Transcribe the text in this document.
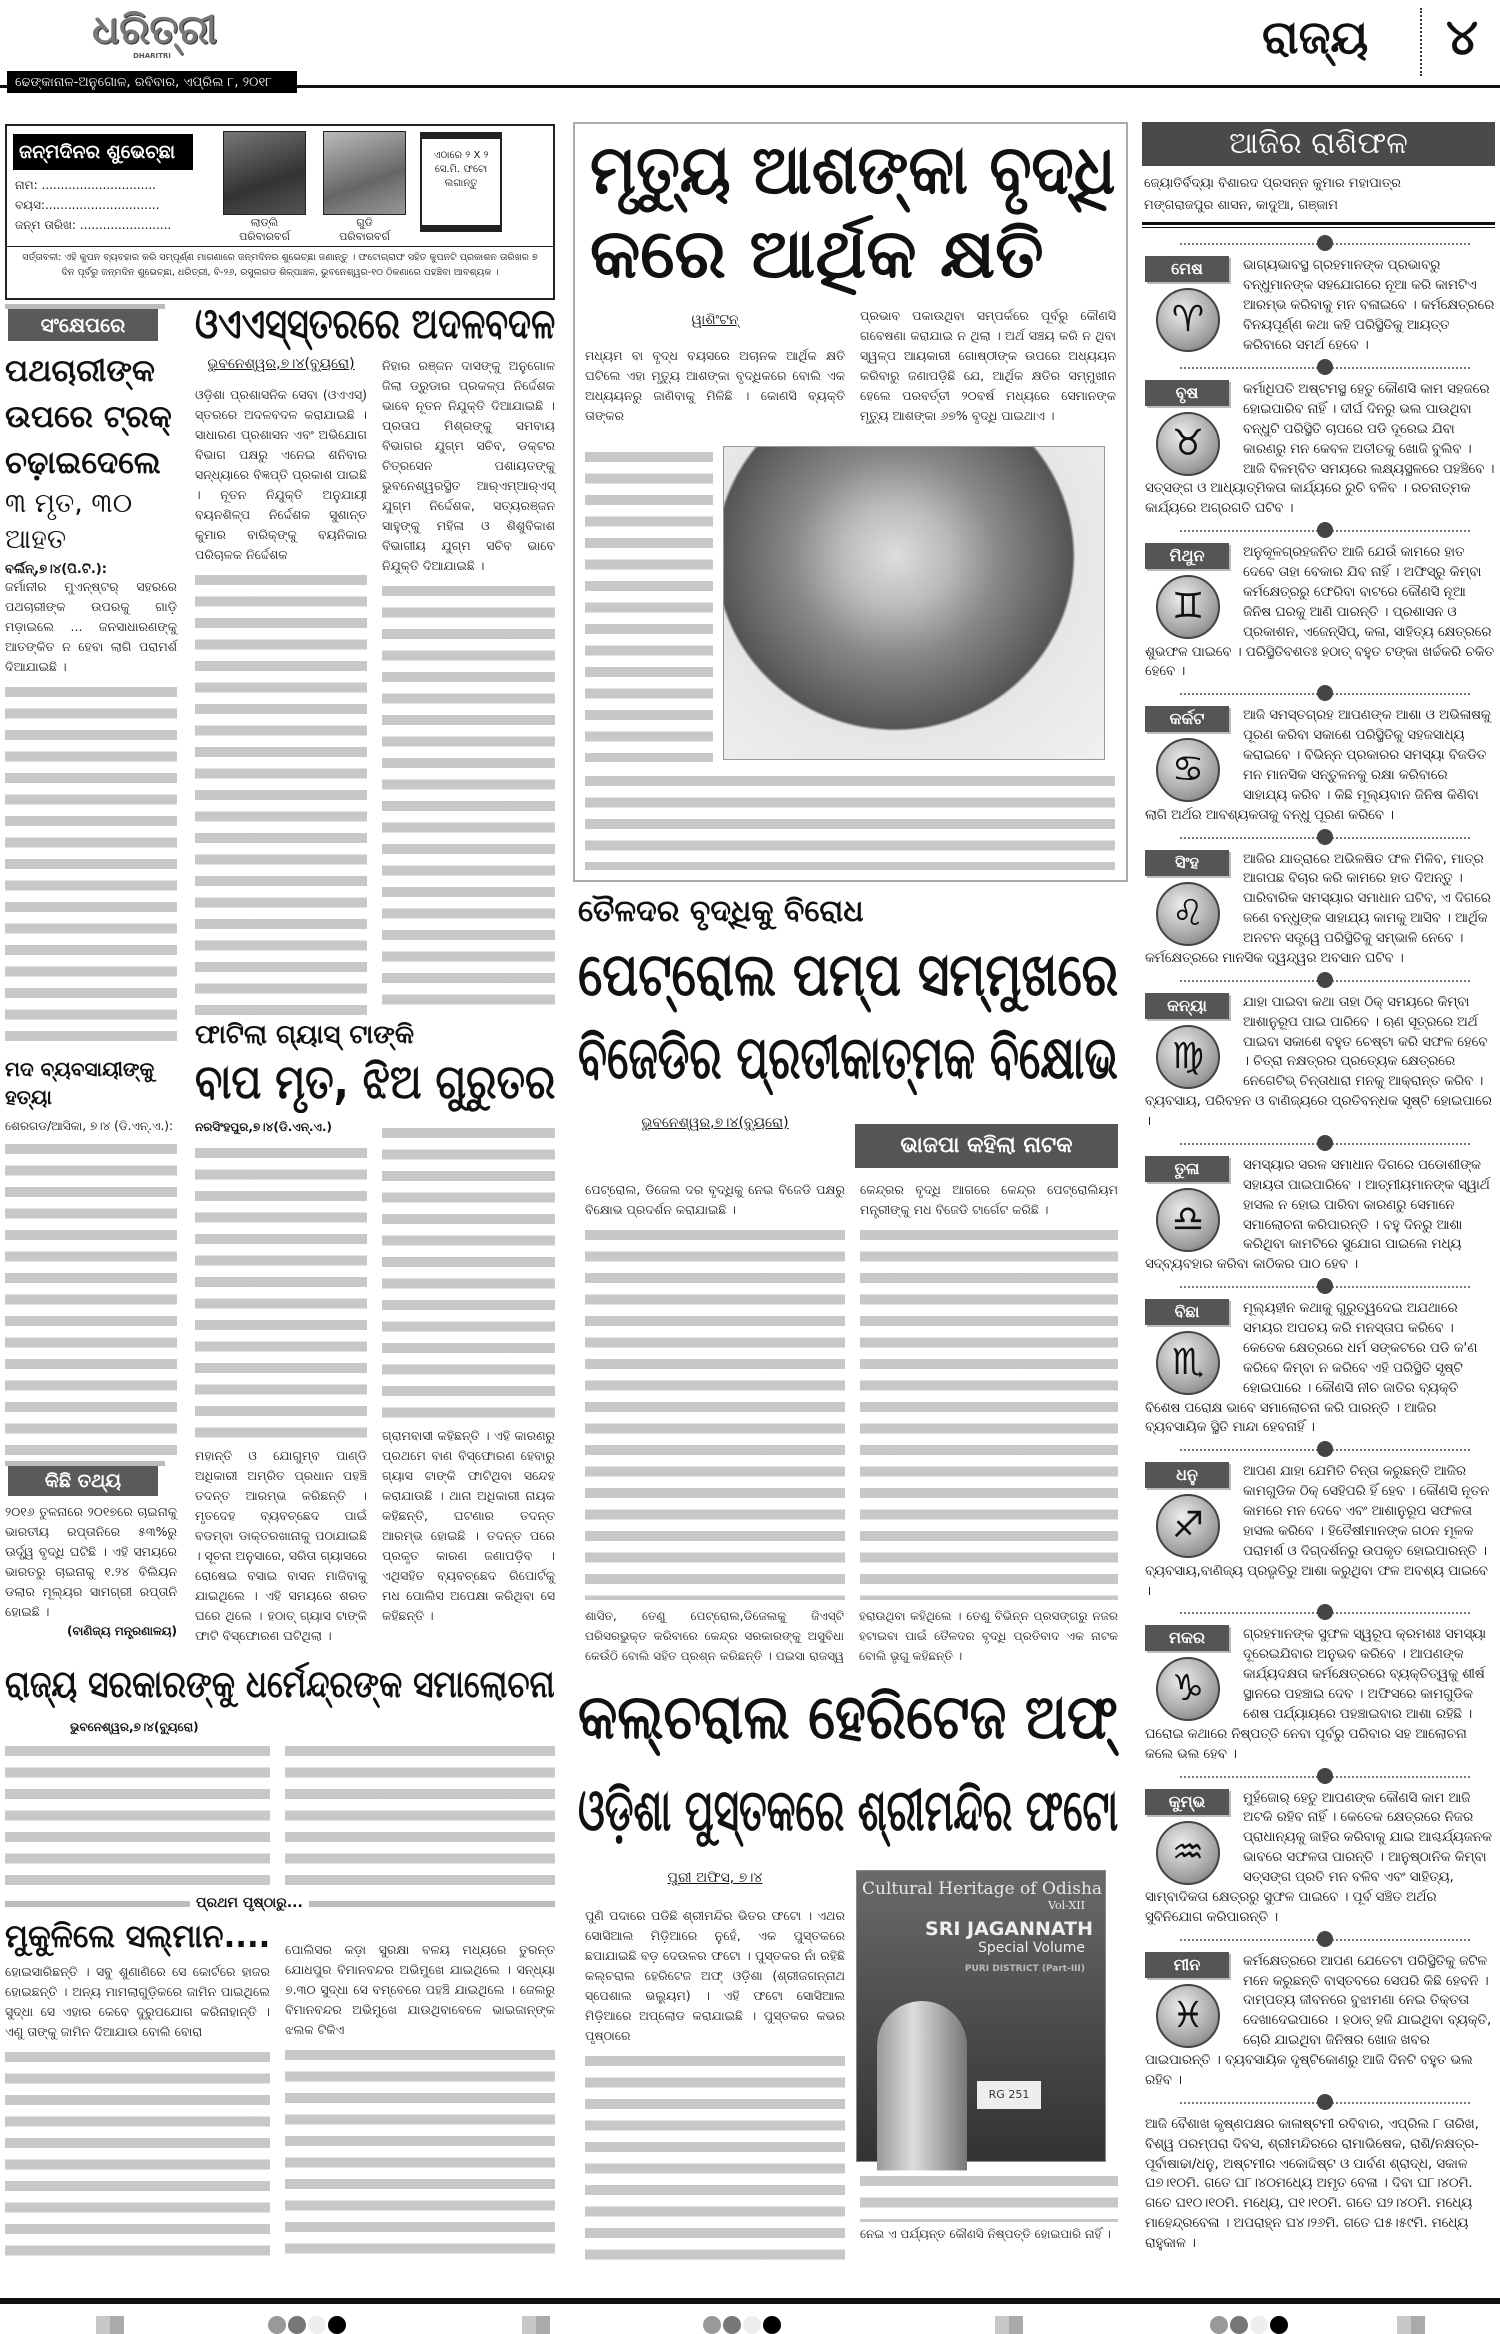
ଧରିତ୍ରୀ
DHARITRI
ଢେଙ୍କାନାଳ-ଅନୁଗୋଳ, ରବିବାର, ଏପ୍ରିଲ ୮, ୨୦୧୮
ରାଜ୍ୟ ୪
ଜନ୍ମଦିନର ଶୁଭେଚ୍ଛା
ନାମ: ..............................
ବୟସ:..............................
ଜନ୍ମ ତାରିଖ: ........................	ଲାଡ୍‌ଲି
ପରିବାରବର୍ଗ
ଗୁଡି
ପରିବାରବର୍ଗ
ଏଠାରେ ୨ X ୨ ସେ.ମି. ଫଟୋ ଲଗାନ୍ତୁ
ସର୍ତ୍ତାବଳୀ: ଏହି କୁପନ ବ୍ୟବହାର କରି ସମ୍ପୂର୍ଣ୍ଣ ମାଗଣାରେ ଜନ୍ମଦିନର ଶୁଭେଚ୍ଛା ଜଣାନ୍ତୁ । ଫଟୋଗ୍ରାଫ ସହିତ କୁପନଟି ପ୍ରକାଶନ ତାରିଖର ୭ ଦିନ ପୂର୍ବରୁ ଜନ୍ମଦିନ ଶୁଭେଚ୍ଛା, ଧରିତ୍ରୀ, ବି-୨୬, ରସୁଲଗଡ ଶିଳ୍ପାଞ୍ଚଳ, ଭୁବନେଶ୍ୱର-୧୦ ଠିକଣାରେ ପହଞ୍ଚିବା ଆବଶ୍ୟକ ।
ସଂକ୍ଷେପରେ
ପଥଚାରୀଙ୍କ ଉପରେ ଟ୍ରକ୍ ଚଢ଼ାଇଦେଲେ
୩ ମୃତ, ୩୦ ଆହତ
ବର୍ଲିନ୍,୭।୪(ପି.ଟି.):
ଜର୍ମାନୀର ମୁଏନ୍‌ଷ୍ଟର୍ ସହରରେ ପଥଚାରୀଙ୍କ ଉପରକୁ ଗାଡ଼ି ମଡ଼ାଇଲେ ... ଜନସାଧାରଣଙ୍କୁ ଆତଙ୍କିତ ନ ହେବା ଲାଗି ପରାମର୍ଶ ଦିଆଯାଇଛି ।
ମଦ ବ୍ୟବସାୟୀଙ୍କୁ ହତ୍ୟା
ଶେରଗଡ/ଆସିକା, ୭।୪ (ଡି.ଏନ୍.ଏ.):
କିଛି ତଥ୍ୟ
୨୦୧୬ ତୁଳନାରେ ୨୦୧୭ରେ ଚାଇନାକୁ ଭାରତୀୟ ରପ୍ତାନିରେ ୫୩%ରୁ ଊର୍ଦ୍ଧ୍ୱ ବୃଦ୍ଧି ଘଟିଛି । ଏହି ସମୟରେ ଭାରତରୁ ଚାଇନାକୁ ୧.୨୪ ବିଲିୟନ ଡଲାର ମୂଲ୍ୟର ସାମଗ୍ରୀ ରପ୍ତାନି ହୋଇଛି ।
(ବାଣିଜ୍ୟ ମନ୍ତ୍ରଣାଳୟ)
ଓଏଏସ୍‌ସ୍ତରରେ ଅଦଳବଦଳ
ଭୁବନେଶ୍ୱର,୭।୪(ବ୍ୟୁରୋ)
ଓଡ଼ିଶା ପ୍ରଶାସନିକ ସେବା (ଓଏଏସ୍) ସ୍ତରରେ ଅଦଳବଦଳ କରାଯାଇଛି । ସାଧାରଣ ପ୍ରଶାସନ ଏବଂ ଅଭିଯୋଗ ବିଭାଗ ପକ୍ଷରୁ ଏନେଇ ଶନିବାର ସନ୍ଧ୍ୟାରେ ବିଜ୍ଞପ୍ତି ପ୍ରକାଶ ପାଇଛି । ନୂତନ ନିଯୁକ୍ତି ଅନୁଯାୟୀ ବୟନଶିଳ୍ପ ନିର୍ଦ୍ଦେଶକ ସୁଶାନ୍ତ କୁମାର ବାରିକ୍‌ଙ୍କୁ ବୟନିକାର ପରିଚାଳକ ନିର୍ଦ୍ଦେଶକ
ନିହାର ରଞ୍ଜନ ଦାସଙ୍କୁ ଅନୁଗୋଳ ଜିଲା ଡ୍ରୁଡାର ପ୍ରକଳ୍ପ ନିର୍ଦ୍ଦେଶକ ଭାବେ ନୂତନ ନିଯୁକ୍ତି ଦିଆଯାଇଛି । ପ୍ରତାପ ମିଶ୍ରଙ୍କୁ ସମବାୟ ବିଭାଗର ଯୁଗ୍ମ ସଚିବ, ଡକ୍ଟର ଚିତ୍ରସେନ ପଶାୟତଙ୍କୁ ଭୁବନେଶ୍ୱରସ୍ଥିତ ଆର୍‌ଏମ୍‌ଆର୍‌ଏସ୍ ଯୁଗ୍ମ ନିର୍ଦ୍ଦେଶକ, ସତ୍ୟରଞ୍ଜନ ସାହୁଙ୍କୁ ମହିଳା ଓ ଶିଶୁବିକାଶ ବିଭାଗୀୟ ଯୁଗ୍ମ ସଚିବ ଭାବେ ନିଯୁକ୍ତି ଦିଆଯାଇଛି ।
ଫାଟିଲା ଗ୍ୟାସ୍ ଟାଙ୍କି
ବାପ ମୃତ, ଝିଅ ଗୁରୁତର
ନରସିଂହପୁର,୭।୪(ଡି.ଏନ୍.ଏ.)
ମହାନ୍ତି ଓ ଯୋଗୁମ୍ବ ପାଣ୍ଡି ଅଧିକାରୀ ଅମ୍ରିତ ପ୍ରଧାନ ପହଞ୍ଚି ତଦନ୍ତ ଆରମ୍ଭ କରିଛନ୍ତି । ମୃତଦେହ ବ୍ୟବଚ୍ଛେଦ ପାଇଁ ବଡମ୍ବା ଡାକ୍ତରଖାନାକୁ ପଠାଯାଇଛି । ସୂଚନା ଅନୁସାରେ, ସରିତା ଗ୍ୟାସରେ ରୋଷେଇ ବସାଇ ବାସନ ମାଜିବାକୁ ଯାଇଥିଲେ । ଏହି ସମୟରେ ଶରତ ଘରେ ଥିଲେ । ହଠାତ୍ ଗ୍ୟାସ ଟାଙ୍କି ଫାଟି ବିସ୍ଫୋରଣ ଘଟିଥିଲା ।
ଗ୍ରାମବାସୀ କହିଛନ୍ତି । ଏହି କାରଣରୁ ପ୍ରଥମେ ବାଣ ବିସ୍ଫୋରଣ ହେବାରୁ ଗ୍ୟାସ ଟାଙ୍କି ଫାଟିଥିବା ସନ୍ଦେହ କରାଯାଉଛି । ଥାନା ଅଧିକାରୀ ନାୟକ କହିଛନ୍ତି, ଘଟଣାର ତଦନ୍ତ ଆରମ୍ଭ ହୋଇଛି । ତଦନ୍ତ ପରେ ପ୍ରକୃତ କାରଣ ଜଣାପଡ଼ିବ । ଏଥିସହିତ ବ୍ୟବଚ୍ଛେଦ ରିପୋର୍ଟକୁ ମଧ ପୋଲିସ ଅପେକ୍ଷା କରିଥିବା ସେ କହିଛନ୍ତି ।
ରାଜ୍ୟ ସରକାରଙ୍କୁ ଧର୍ମେନ୍ଦ୍ରଙ୍କ ସମାଲୋଚନା
ଭୁବନେଶ୍ୱର,୭।୪(ବ୍ୟୁରୋ)
ପ୍ରଥମ ପୃଷ୍ଠାରୁ...
ମୁକୁଳିଲେ ସଲ୍‌ମାନ....
ହୋଇସାରିଛନ୍ତି । ସବୁ ଶୁଣାଣିରେ ସେ କୋର୍ଟରେ ହାଜର ହୋଇଛନ୍ତି । ଅନ୍ୟ ମାମଲାଗୁଡ଼ିକରେ ଜାମିନ ପାଇଥିଲେ ସୁଦ୍ଧା ସେ ଏହାର କେବେ ଦୁରୁପଯୋଗ କରିନାହାନ୍ତି । ଏଣୁ ତାଙ୍କୁ ଜାମିନ ଦିଆଯାଉ ବୋଲି ବୋରା
ପୋଲିସର କଡ଼ା ସୁରକ୍ଷା ବଳୟ ମଧ୍ୟରେ ତୁରନ୍ତ ଯୋଧପୁର ବିମାନବନ୍ଦର ଅଭିମୁଖେ ଯାଇଥିଲେ । ସନ୍ଧ୍ୟା ୭.୩୦ ସୁଦ୍ଧା ସେ ବମ୍ବେରେ ପହଞ୍ଚି ଯାଇଥିଲେ । ଜେଲରୁ ବିମାନବନ୍ଦର ଅଭିମୁଖେ ଯାଉଥିବାବେଳେ ଭାଇଜାନ୍‌ଙ୍କ ଝଲକ ଟିକିଏ
ମୃତ୍ୟୁ ଆଶଙ୍କା ବୃଦ୍ଧି
କରେ ଆର୍ଥିକ କ୍ଷତି
ୱାଶିଂଟନ୍
ମଧ୍ୟମ ବା ବୃଦ୍ଧ ବୟସରେ ଅଚାନକ ଆର୍ଥିକ କ୍ଷତି ଘଟିଲେ ଏହା ମୃତ୍ୟୁ ଆଶଙ୍କା ବୃଦ୍ଧିକରେ ବୋଲି ଏକ ଅଧ୍ୟୟନରୁ ଜାଣିବାକୁ ମିଳିଛି । କୋଣସି ବ୍ୟକ୍ତି ତାଙ୍କର
ପ୍ରଭାବ ପକାଉଥିବା ସମ୍ପର୍କରେ ପୂର୍ବରୁ କୌଣସି ଗବେଷଣା କରାଯାଇ ନ ଥିଲା । ଅର୍ଥ ସଞ୍ଚୟ କରି ନ ଥିବା ସ୍ୱଳ୍ପ ଆୟକାରୀ ଗୋଷ୍ଠୀଙ୍କ ଉପରେ ଅଧ୍ୟୟନ କରିବାରୁ ଜଣାପଡ଼ିଛି ଯେ, ଆର୍ଥିକ କ୍ଷତିର ସମ୍ମୁଖୀନ ହେଲେ ପରବର୍ତ୍ତୀ ୨୦ବର୍ଷ ମଧ୍ୟରେ ସେମାନଙ୍କ ମୃତ୍ୟୁ ଆଶଙ୍କା ୬୭% ବୃଦ୍ଧି ପାଇଥାଏ ।
ତୈଳଦର ବୃଦ୍ଧିକୁ ବିରୋଧ
ପେଟ୍ରୋଲ ପମ୍ପ ସମ୍ମୁଖରେ
ବିଜେଡିର ପ୍ରତୀକାତ୍ମକ ବିକ୍ଷୋଭ
ଭୁବନେଶ୍ୱର,୭।୪(ବ୍ୟୁରୋ)
ଭାଜପା କହିଲା ନାଟକ
ପେଟ୍ରୋଲ, ଡିଜେଲ ଦର ବୃଦ୍ଧିକୁ ନେଇ ବିଜେଡି ପକ୍ଷରୁ ବିକ୍ଷୋଭ ପ୍ରଦର୍ଶନ କରାଯାଇଛି ।
କେନ୍ଦ୍ରର ବୃଦ୍ଧି ଆଗରେ କେନ୍ଦ୍ର ପେଟ୍ରୋଲିୟମ ମନ୍ତ୍ରୀଙ୍କୁ ମଧ ବିଜେଡି ଟାର୍ଗେଟ କରିଛି ।
ଶାସିତ, ତେଣୁ ପେଟ୍ରୋଲ,ଡିଜେଲକୁ ଜିଏସ୍‌ଟି ପରିସରଭୁକ୍ତ କରିବାରେ କେନ୍ଦ୍ର ସରକାରଙ୍କୁ ଅସୁବିଧା କେଉଁଠି ବୋଲି ସହିତ ପ୍ରଶ୍ନ କରିଛନ୍ତି । ପଇସା ରାଜସ୍ୱ ହରାଉଥିବା କହିଥିଲେ । ତେଣୁ ବିଭିନ୍ନ ପ୍ରସଙ୍ଗରୁ ନଜର ହଟାଇବା ପାଇଁ ତୈଳଦର ବୃଦ୍ଧି ପ୍ରତିବାଦ ଏକ ନାଟକ ବୋଲି ଭୃଗୁ କହିଛନ୍ତି ।
କଲ୍‌ଚରାଲ ହେରିଟେଜ ଅଫ୍
ଓଡ଼ିଶା ପୁସ୍ତକରେ ଶ୍ରୀମନ୍ଦିର ଫଟୋ
ପୁରୀ ଅଫିସ, ୭।୪
ପୁଣି ପଦାରେ ପଡିଛି ଶ୍ରୀମନ୍ଦିର ଭିତର ଫଟୋ । ଏଥର ସୋସିଆଲ ମିଡ଼ିଆରେ ନୁହେଁ, ଏକ ପୁସ୍ତକରେ ଛପାଯାଇଛି ବଡ଼ ଦେଉଳର ଫଟୋ । ପୁସ୍ତକର ନାଁ ରହିଛି କଲ୍‌ଚରାଲ ହେରିଟେଜ ଅଫ୍ ଓଡ଼ିଶା (ଶ୍ରୀଜଗନ୍ନାଥ ସ୍ପେଶାଲ ଭଲ୍ୟୁମ) । ଏହି ଫଟୋ ସୋସିଆଲ ମିଡ଼ିଆରେ ଅପ୍‌ଲୋଡ କରାଯାଇଛି । ପୁସ୍ତକର କଭର ପୃଷ୍ଠାରେ
Cultural Heritage of Odisha
Vol-XII
SRI JAGANNATH
Special Volume
PURI DISTRICT (Part-III)
RG 251
ନେଇ ଏ ପର୍ଯ୍ୟନ୍ତ କୌଣସି ନିଷ୍ପତ୍ତି ହୋଇପାରି ନାହିଁ ।
ଆଜିର ରାଶିଫଳ
ଜ୍ୟୋତିର୍ବିଦ୍ୟା ବିଶାରଦ ପ୍ରସନ୍ନ କୁମାର ମହାପାତ୍ର
ମଙ୍ଗରାଜପୁର ଶାସନ, କାଦୁଆ, ଗଞ୍ଜାମ
ମେଷ
♈
ଭାଗ୍ୟଭାବସ୍ଥ ଗ୍ରହମାନଙ୍କ ପ୍ରଭାବରୁ ବନ୍ଧୁମାନଙ୍କ ସହଯୋଗରେ ନୂଆ କରି କାମଟିଏ ଆରମ୍ଭ କରିବାକୁ ମନ ବଳାଇବେ । କର୍ମକ୍ଷେତ୍ରରେ ବିନୟପୂର୍ଣ୍ଣ କଥା କହି ପରିସ୍ଥିତିକୁ ଆୟତ୍ତ କରିବାରେ ସମର୍ଥ ହେବେ ।
ବୃଷ
♉
କର୍ମାଧିପତି ଅଷ୍ଟମସ୍ଥ ହେତୁ କୌଣସି କାମ ସହଜରେ ହୋଇପାରିବ ନାହିଁ । ଦୀର୍ଘ ଦିନରୁ ଭଲ ପାଉଥିବା ବନ୍ଧୁଟି ପରିସ୍ଥିତି ଚାପରେ ପଡି ଦୂରେଇ ଯିବା କାରଣରୁ ମନ କେବଳ ଅତୀତକୁ ଖୋଜି ବୁଲିବ । ଆଜି ବିଳମ୍ବିତ ସମୟରେ ଲକ୍ଷ୍ୟସ୍ଥଳରେ ପହଞ୍ଚିବେ । ସତ୍‌ସଙ୍ଗ ଓ ଆଧ୍ୟାତ୍ମିକତା କାର୍ଯ୍ୟରେ ରୁଚି ବଳିବ । ରଚନାତ୍ମକ କାର୍ଯ୍ୟରେ ଅଗ୍ରଗତି ଘଟିବ ।
ମିଥୁନ
♊
ଅନୁକୂଳଗ୍ରହଜନିତ ଆଜି ଯେଉଁ କାମରେ ହାତ ଦେବେ ତାହା ବେକାର ଯିବ ନାହିଁ । ଅଫିସ୍‌ରୁ କିମ୍ବା କର୍ମକ୍ଷେତ୍ରରୁ ଫେରିବା ବାଟରେ କୌଣସି ନୂଆ ଜିନିଷ ଘରକୁ ଆଣି ପାରନ୍ତି । ପ୍ରଶାସନ ଓ ପ୍ରକାଶନ, ଏଜେନ୍ସିପ୍, କଳା, ସାହିତ୍ୟ କ୍ଷେତ୍ରରେ ଶୁଭଫଳ ପାଇବେ । ପରିସ୍ଥିତିବଶତଃ ହଠାତ୍ ବହୁତ ଟଙ୍କା ଖର୍ଚ୍ଚକରି ଚକିତ ହେବେ ।
କର୍କଟ
♋
ଆଜି ସମସ୍ତଗ୍ରହ ଆପଣଙ୍କ ଆଶା ଓ ଅଭିଳାଷକୁ ପୂରଣ କରିବା ସକାଶେ ପରିସ୍ଥିତିକୁ ସହଜସାଧ୍ୟ କରାଇବେ । ବିଭିନ୍ନ ପ୍ରକାରର ସମସ୍ୟା ବିଜଡିତ ମନ ମାନସିକ ସନ୍ତୁଳନକୁ ରକ୍ଷା କରିବାରେ ସାହାଯ୍ୟ କରିବ । କିଛି ମୂଲ୍ୟବାନ ଜିନିଷ କିଣିବା ଲାଗି ଅର୍ଥର ଆବଶ୍ୟକତାକୁ ବନ୍ଧୁ ପୂରଣ କରିବେ ।
ସିଂହ
♌
ଆଜିର ଯାତ୍ରାରେ ଅଭିଳଷିତ ଫଳ ମିଳିବ, ମାତ୍ର ଆଗପଛ ବିଚାର କରି କାମରେ ହାତ ଦିଅନ୍ତୁ । ପାରିବାରିକ ସମସ୍ୟାର ସମାଧାନ ଘଟିବ, ଏ ଦିଗରେ ଜଣେ ବନ୍ଧୁଙ୍କ ସାହାଯ୍ୟ କାମକୁ ଆସିବ । ଆର୍ଥିକ ଅନଟନ ସତ୍ତ୍ୱେ ପରିସ୍ଥିତିକୁ ସମ୍ଭାଳି ନେବେ । କର୍ମକ୍ଷେତ୍ରରେ ମାନସିକ ଦ୍ୱନ୍ଦ୍ୱର ଅବସାନ ଘଟିବ ।
କନ୍ୟା
♍
ଯାହା ପାଇବା କଥା ତାହା ଠିକ୍ ସମୟରେ କିମ୍ବା ଆଶାନୁରୂପ ପାଇ ପାରିବେ । ଋଣ ସୂତ୍ରରେ ଅର୍ଥ ପାଇବା ସକାଶେ ବହୁତ ଚେଷ୍ଟା କରି ସଫଳ ହେବେ । ଚିତ୍ରା ନକ୍ଷତ୍ରର ପ୍ରତ୍ୟେକ କ୍ଷେତ୍ରରେ ନେଗେଟିଭ୍ ଚିନ୍ତାଧାରା ମନକୁ ଆକ୍ରାନ୍ତ କରିବ । ବ୍ୟବସାୟ, ପରିବହନ ଓ ବାଣିଜ୍ୟରେ ପ୍ରତିବନ୍ଧକ ସୃଷ୍ଟି ହୋଇପାରେ ।
ତୁଳା
♎
ସମସ୍ୟାର ସରଳ ସମାଧାନ ଦିଗରେ ପଡୋଶୀଙ୍କ ସହାୟତା ପାଇପାରିବେ । ଆତ୍ମୀୟମାନଙ୍କ ସ୍ୱାର୍ଥ ହାସଲ ନ ହୋଇ ପାରିବା କାରଣରୁ ସେମାନେ ସମାଲୋଚନା କରିପାରନ୍ତି । ବହୁ ଦିନରୁ ଆଶା କରିଥିବା କାମଟିରେ ସୁଯୋଗ ପାଇଲେ ମଧ୍ୟ ସଦ୍‌ବ୍ୟବହାର କରିବା କାଠିକର ପାଠ ହେବ ।
ବିଛା
♏
ମୂଲ୍ୟହୀନ କଥାକୁ ଗୁରୁତ୍ୱଦେଇ ଅଯଥାରେ ସମୟର ଅପଚୟ କରି ମନସ୍ତାପ କରିବେ । କେତେକ କ୍ଷେତ୍ରରେ ଧର୍ମ ସଙ୍କଟରେ ପଡି କ'ଣ କରିବେ କିମ୍ବା ନ କରିବେ ଏହି ପରିସ୍ଥିତି ସୃଷ୍ଟି ହୋଇପାରେ । କୌଣସି ନୀଚ ଜାତିର ବ୍ୟକ୍ତି ବିଶେଷ ପରୋକ୍ଷ ଭାବେ ସମାଲୋଚନା କରି ପାରନ୍ତି । ଆଜିର ବ୍ୟବସାୟିକ ସ୍ଥିତି ମାନ୍ଦା ହେବନାହିଁ ।
ଧନୁ
♐
ଆପଣ ଯାହା ଯେମିତି ଚିନ୍ତା କରୁଛନ୍ତି ଆଜିର କାମଗୁଡିକ ଠିକ୍ ସେହିପରି ହିଁ ହେବ । କୌଣସି ନୂତନ କାମରେ ମନ ଦେବେ ଏବଂ ଆଶାନୁରୂପ ସଫଳତା ହାସଲ କରିବେ । ହିତୈଷୀମାନଙ୍କ ଗଠନ ମୂଳକ ପରାମର୍ଶ ଓ ଦିଗ୍‌ଦର୍ଶନରୁ ଉପକୃତ ହୋଇପାରନ୍ତି । ବ୍ୟବସାୟ,ବାଣିଜ୍ୟ ପ୍ରଭୃତିରୁ ଆଶା କରୁଥିବା ଫଳ ଅବଶ୍ୟ ପାଇବେ ।
ମକର
♑
ଗ୍ରହମାନଙ୍କ ସୁଫଳ ସ୍ୱରୂପ କ୍ରମଶଃ ସମସ୍ୟା ଦୂରେଇଯିବାର ଅନୁଭବ କରିବେ । ଆପଣଙ୍କ କାର୍ଯ୍ୟଦକ୍ଷତା କର୍ମକ୍ଷେତ୍ରରେ ବ୍ୟକ୍ତିତ୍ୱକୁ ଶୀର୍ଷ ସ୍ଥାନରେ ପହଞ୍ଚାଇ ଦେବ । ଅଫିସରେ କାମଗୁଡିକ ଶେଷ ପର୍ଯ୍ୟାୟରେ ପହଞ୍ଚାଇବାର ଆଶା ରହିଛି । ଘରୋଇ କଥାରେ ନିଷ୍ପତ୍ତି ନେବା ପୂର୍ବରୁ ପରିବାର ସହ ଆଲୋଚନା କଲେ ଭଲ ହେବ ।
କୁମ୍ଭ
♒
ମୁହଁଜୋର୍ ହେତୁ ଆପଣଙ୍କ କୌଣସି କାମ ଆଜି ଅଟକି ରହିବ ନାହିଁ । କେତେକ କ୍ଷେତ୍ରରେ ନିଜର ପ୍ରାଧାନ୍ୟକୁ ଜାହିର କରିବାକୁ ଯାଇ ଆଶ୍ଚର୍ଯ୍ୟଜନକ ଭାବରେ ସଫଳତା ପାରନ୍ତି । ଆନୁଷ୍ଠାନିକ କିମ୍ବା ସତ୍‌ସଙ୍ଗ ପ୍ରତି ମନ ବଳିବ ଏବଂ ସାହିତ୍ୟ, ସାମ୍ବାଦିକତା କ୍ଷେତ୍ରରୁ ସୁଫଳ ପାଇବେ । ପୂର୍ବ ସଞ୍ଚିତ ଅର୍ଥର ସୁବିନିଯୋଗ କରିପାରନ୍ତି ।
ମୀନ
♓
କର୍ମକ୍ଷେତ୍ରରେ ଆପଣ ଯେତେଟା ପରିସ୍ଥିତିକୁ ଜଟିଳ ମନେ କରୁଛନ୍ତି ବାସ୍ତବରେ ସେପରି କିଛି ହେବନି । ଦାମ୍ପତ୍ୟ ଜୀବନରେ ବୁଝାମଣା ନେଇ ତିକ୍ତତା ଦେଖାଦେଇପାରେ । ହଠାତ୍ ହଜି ଯାଇଥିବା ବ୍ୟକ୍ତି, ଚୋରି ଯାଇଥିବା ଜିନିଷର ଖୋଜ ଖବର ପାଇପାରନ୍ତି । ବ୍ୟବସାୟିକ ଦୃଷ୍ଟିକୋଣରୁ ଆଜି ଦିନଟି ବହୁତ ଭଲ ରହିବ ।
ଆଜି ବୈଶାଖ କୃଷ୍ଣପକ୍ଷର କାଳାଷ୍ଟମୀ ରବିବାର, ଏପ୍ରିଲ ୮ ତାରିଖ, ବିଶ୍ୱ ପରମ୍ପରା ଦିବସ, ଶ୍ରୀମନ୍ଦିରରେ ରାମାଭିଷେକ, ରାଶି/ନକ୍ଷତ୍ର- ପୂର୍ବାଷାଢା/ଧନୁ, ଅଷ୍ଟମୀର ଏକୋଦ୍ଦିଷ୍ଟ ଓ ପାର୍ବଣ ଶ୍ରାଦ୍ଧ, ସକାଳ ଘ୭।୧୦ମି. ଗତେ ଘ୮।୪୦ମଧ୍ୟେ ଅମୃତ ବେଳା । ଦିବା ଘ୮।୪୦ମି. ଗତେ ଘ୧୦।୧୦ମି. ମଧ୍ୟେ, ଘ୧।୧୦ମି. ଗତେ ଘ୨।୪୦ମି. ମଧ୍ୟେ ମାହେନ୍ଦ୍ରବେଳା । ଅପରାହ୍ନ ଘ୪।୨୬ମି. ଗତେ ଘ୫।୫୯ମି. ମଧ୍ୟେ ରାହୁକାଳ ।
